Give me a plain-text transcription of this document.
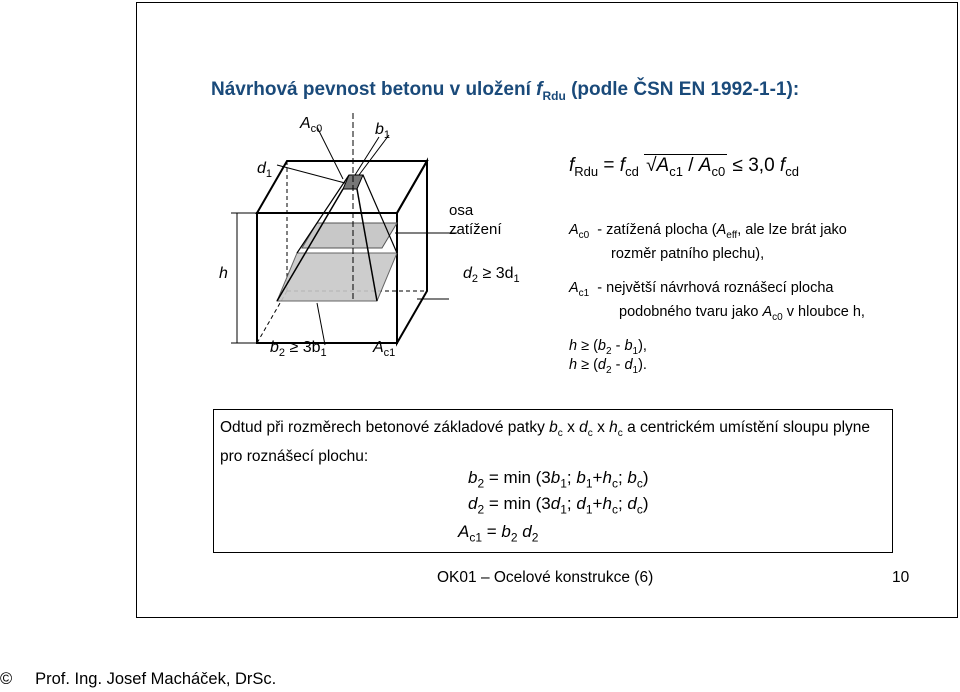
Návrhová pevnost betonu v uložení $f_{Rdu}$ (podle ČSN EN 1992-1-1):
$A_{c0}$	$b_1$
$d_1$
h
$b_2 \ge 3b_1$	$A_{c1}$
osa
zatížení
$d_2 \ge 3d_1$
$f_{Rdu} = f_{cd}$ $√A_{c1} / A_{c0} \le 3,0$ $f_{cd}$
$A_{c0}$ - zatížená plocha ($A_{eff}$, ale lze brát jako
rozměr patního plechu),
$A_{c1}$ - největší návrhová roznášecí plocha
podobného tvaru jako $A_{c0}$ v hloubce h,
$h \ge (b_2 - b_1)$,
$h \ge (d_2 - d_1)$.
Odtud při rozměrech betonové základové patky $b_c$ x $d_c$ x $h_c$ a centrickém umístění sloupu plyne
pro roznášecí plochu:
$b_2 = \min (3b_1$; $b_1+h_c$; $b_c$)
$d_2 = \min (3d_1$; $d_1+h_c$; $d_c$)
$A_{c1} = b_2$ $d_2$
OK01 – Ocelové konstrukce (6)	10
© Prof. Ing. Josef Macháček, DrSc.
